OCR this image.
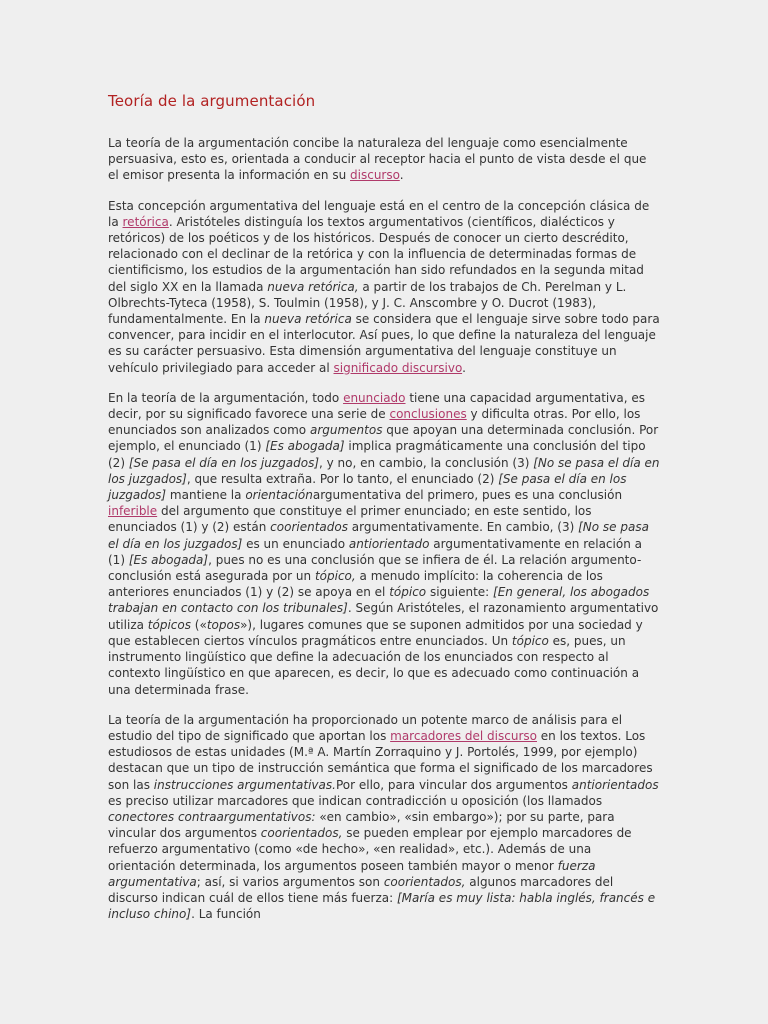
Teoría de la argumentación

La teoría de la argumentación concibe la naturaleza del lenguaje como esencialmente persuasiva, esto es, orientada a conducir al receptor hacia el punto de vista desde el que el emisor presenta la información en su discurso.

Esta concepción argumentativa del lenguaje está en el centro de la concepción clásica de la retórica. Aristóteles distinguía los textos argumentativos (científicos, dialécticos y retóricos) de los poéticos y de los históricos. Después de conocer un cierto descrédito, relacionado con el declinar de la retórica y con la influencia de determinadas formas de cientificismo, los estudios de la argumentación han sido refundados en la segunda mitad del siglo XX en la llamada nueva retórica, a partir de los trabajos de Ch. Perelman y L. Olbrechts-Tyteca (1958), S. Toulmin (1958), y J. C. Anscombre y O. Ducrot (1983), fundamentalmente. En la nueva retórica se considera que el lenguaje sirve sobre todo para convencer, para incidir en el interlocutor. Así pues, lo que define la naturaleza del lenguaje es su carácter persuasivo. Esta dimensión argumentativa del lenguaje constituye un vehículo privilegiado para acceder al significado discursivo.

En la teoría de la argumentación, todo enunciado tiene una capacidad argumentativa, es decir, por su significado favorece una serie de conclusiones y dificulta otras. Por ello, los enunciados son analizados como argumentos que apoyan una determinada conclusión. Por ejemplo, el enunciado (1) [Es abogada] implica pragmáticamente una conclusión del tipo (2) [Se pasa el día en los juzgados], y no, en cambio, la conclusión (3) [No se pasa el día en los juzgados], que resulta extraña. Por lo tanto, el enunciado (2) [Se pasa el día en los juzgados] mantiene la orientaciónargumentativa del primero, pues es una conclusión inferible del argumento que constituye el primer enunciado; en este sentido, los enunciados (1) y (2) están coorientados argumentativamente. En cambio, (3) [No se pasa el día en los juzgados] es un enunciado antiorientado argumentativamente en relación a (1) [Es abogada], pues no es una conclusión que se infiera de él. La relación argumento-conclusión está asegurada por un tópico, a menudo implícito: la coherencia de los anteriores enunciados (1) y (2) se apoya en el tópico siguiente: [En general, los abogados trabajan en contacto con los tribunales]. Según Aristóteles, el razonamiento argumentativo utiliza tópicos («topos»), lugares comunes que se suponen admitidos por una sociedad y que establecen ciertos vínculos pragmáticos entre enunciados. Un tópico es, pues, un instrumento lingüístico que define la adecuación de los enunciados con respecto al contexto lingüístico en que aparecen, es decir, lo que es adecuado como continuación a una determinada frase.

La teoría de la argumentación ha proporcionado un potente marco de análisis para el estudio del tipo de significado que aportan los marcadores del discurso en los textos. Los estudiosos de estas unidades (M.ª A. Martín Zorraquino y J. Portolés, 1999, por ejemplo) destacan que un tipo de instrucción semántica que forma el significado de los marcadores son las instrucciones argumentativas.Por ello, para vincular dos argumentos antiorientados es preciso utilizar marcadores que indican contradicción u oposición (los llamados conectores contraargumentativos: «en cambio», «sin embargo»); por su parte, para vincular dos argumentos coorientados, se pueden emplear por ejemplo marcadores de refuerzo argumentativo (como «de hecho», «en realidad», etc.). Además de una orientación determinada, los argumentos poseen también mayor o menor fuerza argumentativa; así, si varios argumentos son coorientados, algunos marcadores del discurso indican cuál de ellos tiene más fuerza: [María es muy lista: habla inglés, francés e incluso chino]. La función
